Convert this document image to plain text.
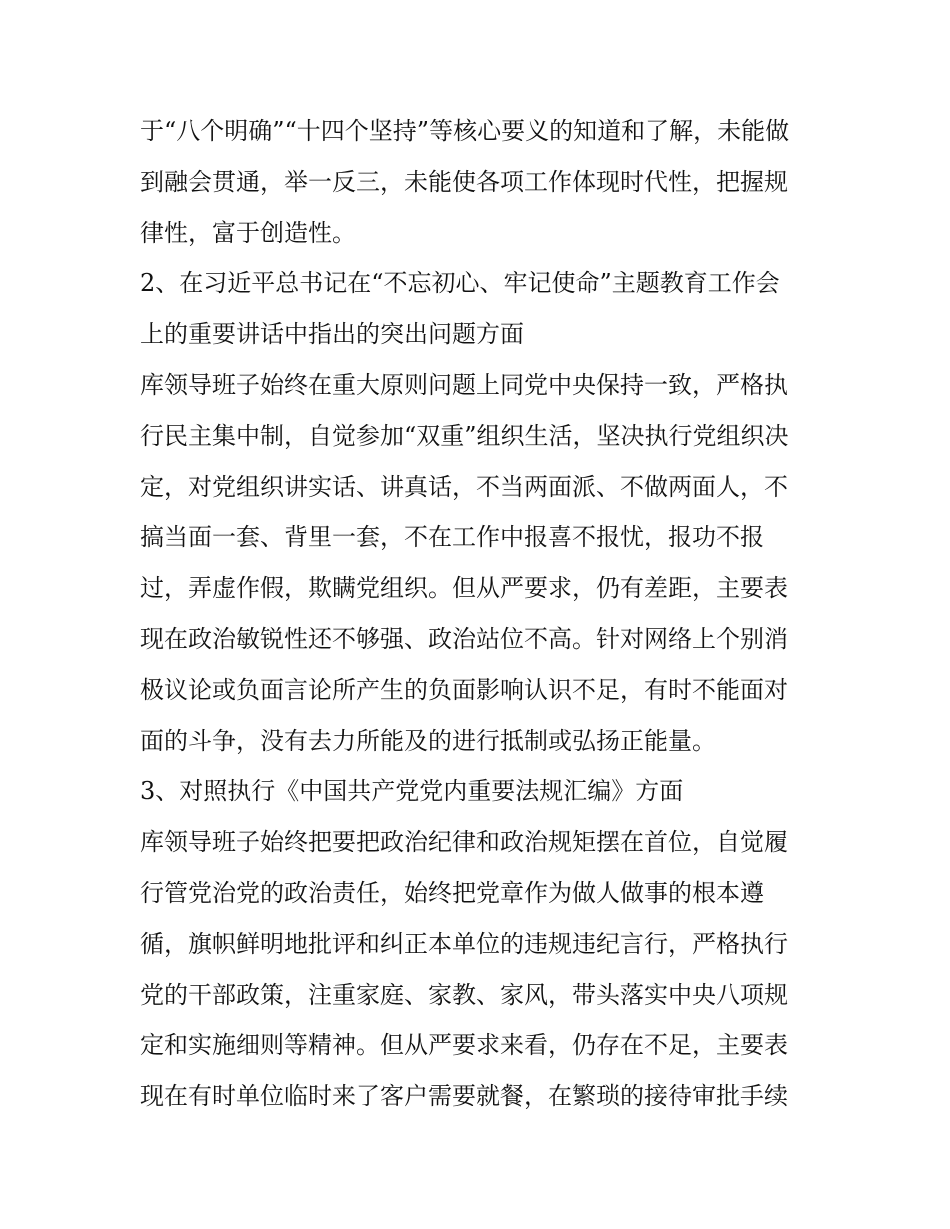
于“八个明确”“十四个坚持”等核心要义的知道和了解，未能做
到融会贯通，举一反三，未能使各项工作体现时代性，把握规
律性，富于创造性。
2、在习近平总书记在“不忘初心、牢记使命”主题教育工作会
上的重要讲话中指出的突出问题方面
库领导班子始终在重大原则问题上同党中央保持一致，严格执
行民主集中制，自觉参加“双重”组织生活，坚决执行党组织决
定，对党组织讲实话、讲真话，不当两面派、不做两面人，不
搞当面一套、背里一套，不在工作中报喜不报忧，报功不报
过，弄虚作假，欺瞒党组织。但从严要求，仍有差距，主要表
现在政治敏锐性还不够强、政治站位不高。针对网络上个别消
极议论或负面言论所产生的负面影响认识不足，有时不能面对
面的斗争，没有去力所能及的进行抵制或弘扬正能量。
3、对照执行《中国共产党党内重要法规汇编》方面
库领导班子始终把要把政治纪律和政治规矩摆在首位，自觉履
行管党治党的政治责任，始终把党章作为做人做事的根本遵
循，旗帜鲜明地批评和纠正本单位的违规违纪言行，严格执行
党的干部政策，注重家庭、家教、家风，带头落实中央八项规
定和实施细则等精神。但从严要求来看，仍存在不足，主要表
现在有时单位临时来了客户需要就餐，在繁琐的接待审批手续
